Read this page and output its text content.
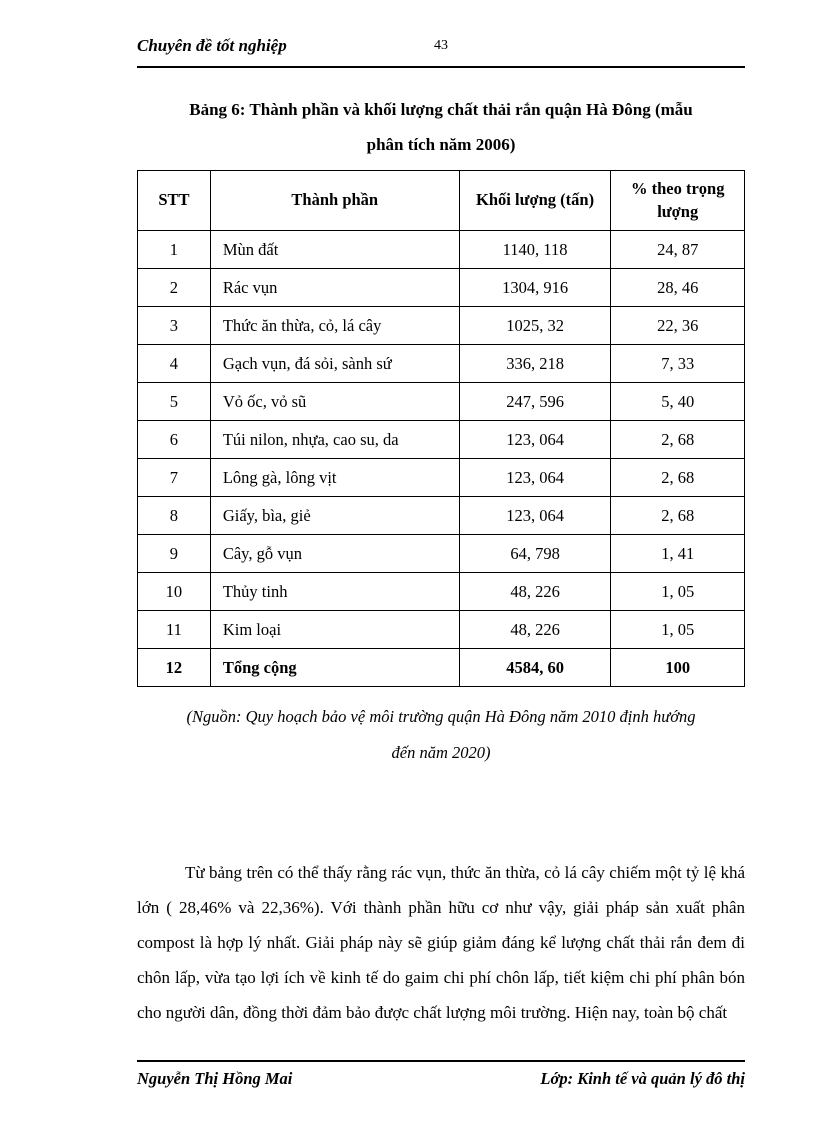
Chuyên đề tốt nghiệp	43
Bảng 6: Thành phần và khối lượng chất thải rắn quận Hà Đông (mẫu
phân tích năm 2006)
STT	Thành phần	Khối lượng (tấn)	% theo trọng lượng
1	Mùn đất	1140, 118	24, 87
2	Rác vụn	1304, 916	28, 46
3	Thức ăn thừa, cỏ, lá cây	1025, 32	22, 36
4	Gạch vụn, đá sỏi, sành sứ	336, 218	7, 33
5	Vỏ ốc, vỏ sũ	247, 596	5, 40
6	Túi nilon, nhựa, cao su, da	123, 064	2, 68
7	Lông gà, lông vịt	123, 064	2, 68
8	Giấy, bìa, giẻ	123, 064	2, 68
9	Cây, gỗ vụn	64, 798	1, 41
10	Thủy tinh	48, 226	1, 05
11	Kim loại	48, 226	1, 05
12	Tổng cộng	4584, 60	100

(Nguồn: Quy hoạch bảo vệ môi trường quận Hà Đông năm 2010 định hướng
đến năm 2020)

Từ bảng trên có thể thấy rằng rác vụn, thức ăn thừa, cỏ lá cây chiếm một tỷ lệ khá lớn ( 28,46% và 22,36%). Với thành phần hữu cơ như vậy, giải pháp sản xuất phân compost là hợp lý nhất. Giải pháp này sẽ giúp giảm đáng kể lượng chất thải rắn đem đi chôn lấp, vừa tạo lợi ích về kinh tế do gaim chi phí chôn lấp, tiết kiệm chi phí phân bón cho người dân, đồng thời đảm bảo được chất lượng môi trường. Hiện nay, toàn bộ chất

Nguyễn Thị Hồng Mai	Lớp: Kinh tế và quản lý đô thị
